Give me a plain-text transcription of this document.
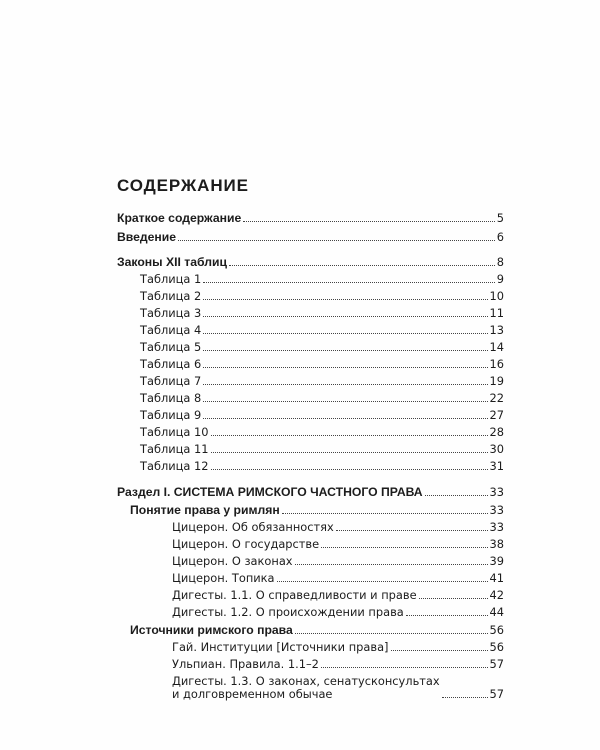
СОДЕРЖАНИЕ
Краткое содержание	5
Введение	6
Законы XII таблиц	8
Таблица 1	9
Таблица 2	10
Таблица 3	11
Таблица 4	13
Таблица 5	14
Таблица 6	16
Таблица 7	19
Таблица 8	22
Таблица 9	27
Таблица 10	28
Таблица 11	30
Таблица 12	31
Раздел I. СИСТЕМА РИМСКОГО ЧАСТНОГО ПРАВА	33
Понятие права у римлян	33
Цицерон. Об обязанностях	33
Цицерон. О государстве	38
Цицерон. О законах	39
Цицерон. Топика	41
Дигесты. 1.1. О справедливости и праве	42
Дигесты. 1.2. О происхождении права	44
Источники римского права	56
Гай. Институции [Источники права]	56
Ульпиан. Правила. 1.1–2	57
Дигесты. 1.3. О законах, сенатусконсультах
и долговременном обычае	57
